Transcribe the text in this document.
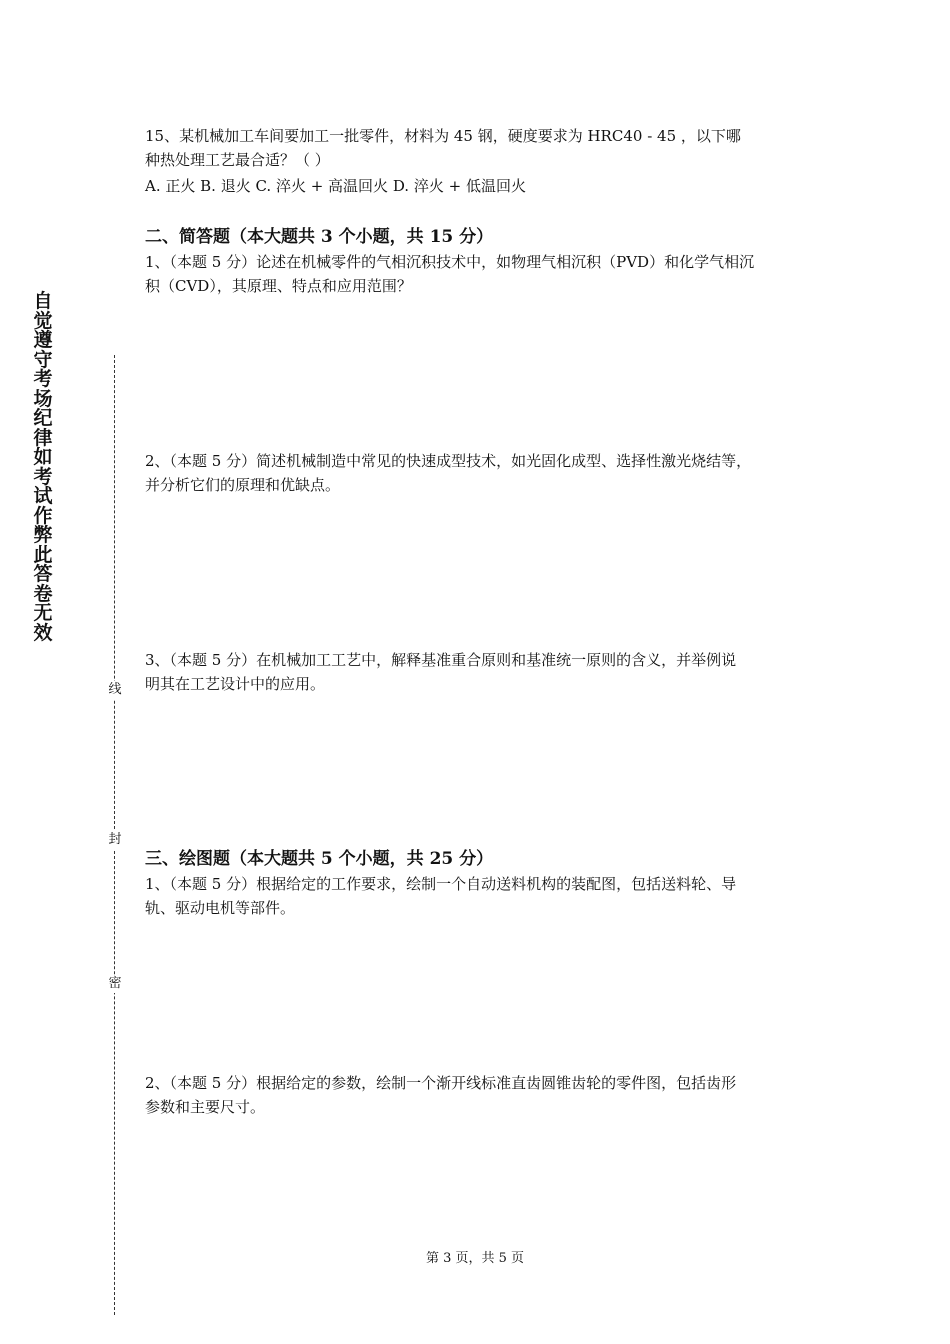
自
觉
遵
守
考
场
纪
律
如
考
试
作
弊
此
答
卷
无
效
线
封
密
15、某机械加工车间要加工一批零件，材料为 45 钢，硬度要求为 HRC40 - 45 ，以下哪
种热处理工艺最合适？（ ）
A. 正火 B. 退火 C. 淬火 + 高温回火 D. 淬火 + 低温回火
二、简答题（本大题共 3 个小题，共 15 分）
1、（本题 5 分）论述在机械零件的气相沉积技术中，如物理气相沉积（PVD）和化学气相沉
积（CVD），其原理、特点和应用范围？
2、（本题 5 分）简述机械制造中常见的快速成型技术，如光固化成型、选择性激光烧结等，
并分析它们的原理和优缺点。
3、（本题 5 分）在机械加工工艺中，解释基准重合原则和基准统一原则的含义，并举例说
明其在工艺设计中的应用。
三、绘图题（本大题共 5 个小题，共 25 分）
1、（本题 5 分）根据给定的工作要求，绘制一个自动送料机构的装配图，包括送料轮、导
轨、驱动电机等部件。
2、（本题 5 分）根据给定的参数，绘制一个渐开线标准直齿圆锥齿轮的零件图，包括齿形
参数和主要尺寸。
第 3 页，共 5 页
